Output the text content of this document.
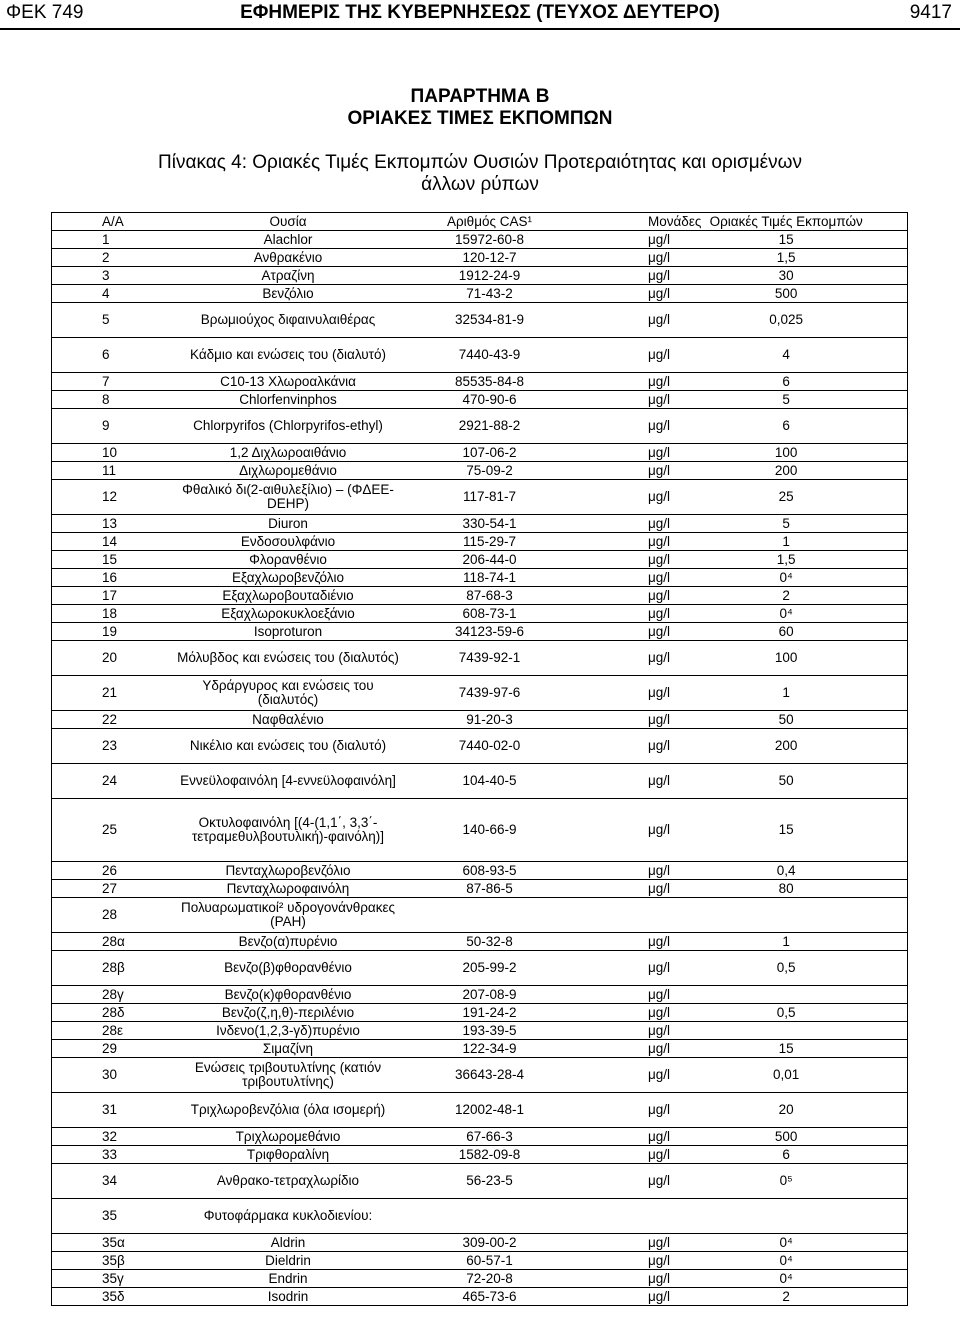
ΦΕΚ 749	ΕΦΗΜΕΡΙΣ ΤΗΣ ΚΥΒΕΡΝΗΣΕΩΣ (ΤΕΥΧΟΣ ΔΕΥΤΕΡΟ)	9417
ΠΑΡΑΡΤΗΜΑ Β
ΟΡΙΑΚΕΣ ΤΙΜΕΣ ΕΚΠΟΜΠΩΝ
Πίνακας 4: Οριακές Τιμές Εκπομπών Ουσιών Προτεραιότητας και ορισμένων
άλλων ρύπων
Α/Α	Ουσία	Αριθμός CAS¹	Μονάδες	Οριακές Τιμές Εκπομπών
1	Alachlor	15972-60-8	μg/l	15
2	Ανθρακένιο	120-12-7	μg/l	1,5
3	Ατραζίνη	1912-24-9	μg/l	30
4	Βενζόλιο	71-43-2	μg/l	500
5	Βρωμιούχος διφαινυλαιθέρας	32534-81-9	μg/l	0,025
6	Κάδμιο και ενώσεις του (διαλυτό)	7440-43-9	μg/l	4
7	C10-13 Χλωροαλκάνια	85535-84-8	μg/l	6
8	Chlorfenvinphos	470-90-6	μg/l	5
9	Chlorpyrifos (Chlorpyrifos-ethyl)	2921-88-2	μg/l	6
10	1,2 Διχλωροαιθάνιο	107-06-2	μg/l	100
11	Διχλωρομεθάνιο	75-09-2	μg/l	200
12	Φθαλικό δι(2-αιθυλεξίλιο) – (ΦΔΕΕ-DEHP)	117-81-7	μg/l	25
13	Diuron	330-54-1	μg/l	5
14	Ενδοσουλφάνιο	115-29-7	μg/l	1
15	Φλορανθένιο	206-44-0	μg/l	1,5
16	Εξαχλωροβενζόλιο	118-74-1	μg/l	0⁴
17	Εξαχλωροβουταδιένιο	87-68-3	μg/l	2
18	Εξαχλωροκυκλοεξάνιο	608-73-1	μg/l	0⁴
19	Isoproturon	34123-59-6	μg/l	60
20	Μόλυβδος και ενώσεις του (διαλυτός)	7439-92-1	μg/l	100
21	Υδράργυρος και ενώσεις του (διαλυτός)	7439-97-6	μg/l	1
22	Ναφθαλένιο	91-20-3	μg/l	50
23	Νικέλιο και ενώσεις του (διαλυτό)	7440-02-0	μg/l	200
24	Εννεϋλοφαινόλη [4-εννεϋλοφαινόλη]	104-40-5	μg/l	50
25	Οκτυλοφαινόλη [(4-(1,1΄, 3,3΄-τετραμεθυλβουτυλική)-φαινόλη)]	140-66-9	μg/l	15
26	Πενταχλωροβενζόλιο	608-93-5	μg/l	0,4
27	Πενταχλωροφαινόλη	87-86-5	μg/l	80
28	Πολυαρωματικοί² υδρογονάνθρακες (PAH)			
28α	Βενζο(α)πυρένιο	50-32-8	μg/l	1
28β	Βενζο(β)φθορανθένιο	205-99-2	μg/l	0,5
28γ	Βενζο(κ)φθορανθένιο	207-08-9	μg/l	
28δ	Βενζο(ζ,η,θ)-περιλένιο	191-24-2	μg/l	0,5
28ε	Ινδενο(1,2,3-γδ)πυρένιο	193-39-5	μg/l	
29	Σιμαζίνη	122-34-9	μg/l	15
30	Ενώσεις τριβουτυλτίνης (κατιόν τριβουτυλτίνης)	36643-28-4	μg/l	0,01
31	Τριχλωροβενζόλια (όλα ισομερή)	12002-48-1	μg/l	20
32	Τριχλωρομεθάνιο	67-66-3	μg/l	500
33	Τριφθοραλίνη	1582-09-8	μg/l	6
34	Ανθρακο-τετραχλωρίδιο	56-23-5	μg/l	0⁵
35	Φυτοφάρμακα κυκλοδιενίου:			
35α	Aldrin	309-00-2	μg/l	0⁴
35β	Dieldrin	60-57-1	μg/l	0⁴
35γ	Endrin	72-20-8	μg/l	0⁴
35δ	Isodrin	465-73-6	μg/l	2
